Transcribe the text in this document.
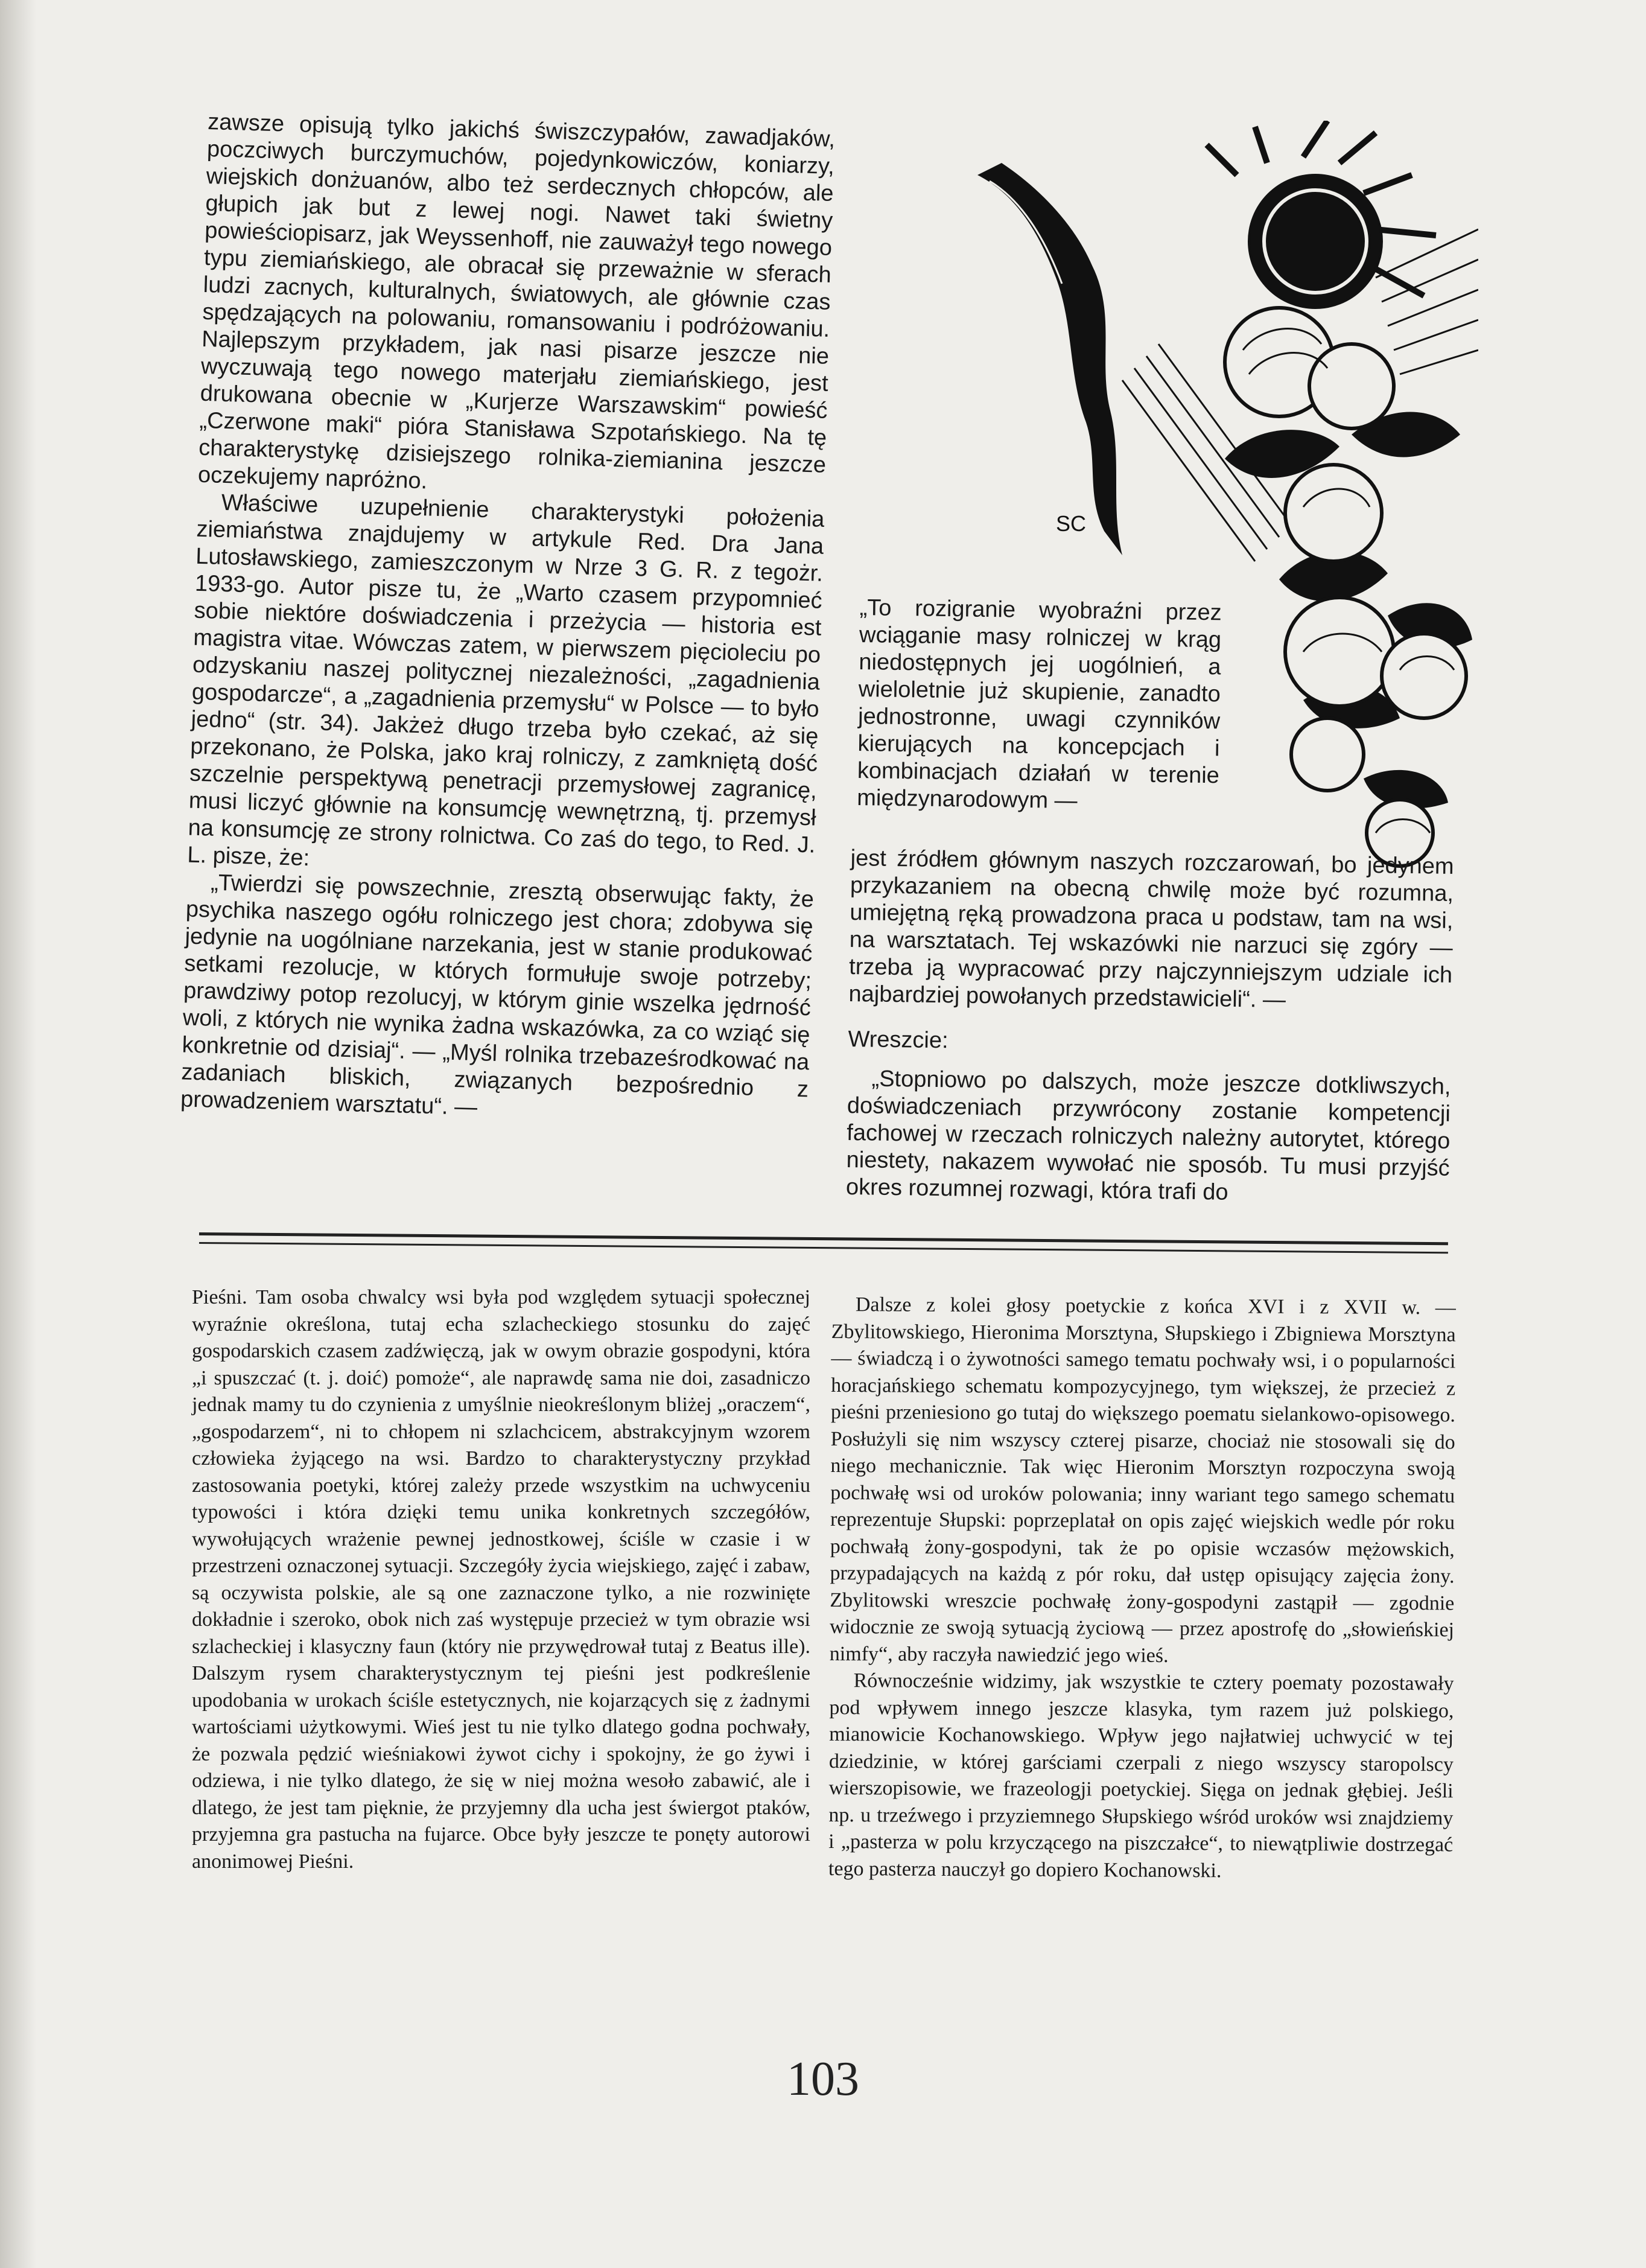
zawsze opisują tylko jakichś świszczypałów, zawadjaków, poczciwych burczymuchów, pojedynkowiczów, koniarzy, wiejskich donżuanów, albo też serdecznych chłopców, ale głupich jak but z lewej nogi. Nawet taki świetny powieściopisarz, jak Weyssenhoff, nie zauważył tego nowego typu ziemiańskiego, ale obracał się przeważnie w sferach ludzi zacnych, kulturalnych, światowych, ale głównie czas spędzających na polowaniu, romansowaniu i podróżowaniu. Najlepszym przykładem, jak nasi pisarze jeszcze nie wyczuwają tego nowego materjału ziemiańskiego, jest drukowana obecnie w „Kurjerze Warszawskim“ powieść „Czerwone maki“ pióra Stanisława Szpotańskiego. Na tę charakterystykę dzisiejszego rolnika-ziemianina jeszcze oczekujemy napróżno.

Właściwe uzupełnienie charakterystyki położenia ziemiaństwa znajdujemy w artykule Red. Dra Jana Lutosławskiego, zamieszczonym w Nrze 3 G. R. z tegożr. 1933-go. Autor pisze tu, że „Warto czasem przypomnieć sobie niektóre doświadczenia i przeżycia — historia est magistra vitae. Wówczas zatem, w pierwszem pięcioleciu po odzyskaniu naszej politycznej niezależności, „zagadnienia gospodarcze“, a „zagadnienia przemysłu“ w Polsce — to było jedno“ (str. 34). Jakżeż długo trzeba było czekać, aż się przekonano, że Polska, jako kraj rolniczy, z zamkniętą dość szczelnie perspektywą penetracji przemysłowej zagranicę, musi liczyć głównie na konsumcję wewnętrzną, tj. przemysł na konsumcję ze strony rolnictwa. Co zaś do tego, to Red. J. L. pisze, że:

„Twierdzi się powszechnie, zresztą obserwując fakty, że psychika naszego ogółu rolniczego jest chora; zdobywa się jedynie na uogólniane narzekania, jest w stanie produkować setkami rezolucje, w których formułuje swoje potrzeby; prawdziwy potop rezolucyj, w którym ginie wszelka jędrność woli, z których nie wynika żadna wskazówka, za co wziąć się konkretnie od dzisiaj“. — „Myśl rolnika trzebaześrodkować na zadaniach bliskich, związanych bezpośrednio z prowadzeniem warsztatu“. —

SC

„To rozigranie wyobraźni przez wciąganie masy rolniczej w krąg niedostępnych jej uogólnień, a wieloletnie już skupienie, zanadto jednostronne, uwagi czynników kierujących na koncepcjach i kombinacjach działań w terenie międzynarodowym —

jest źródłem głównym naszych rozczarowań, bo jedynem przykazaniem na obecną chwilę może być rozumna, umiejętną ręką prowadzona praca u podstaw, tam na wsi, na warsztatach. Tej wskazówki nie narzuci się zgóry — trzeba ją wypracować przy najczynniejszym udziale ich najbardziej powołanych przedstawicieli“. —

Wreszcie:

„Stopniowo po dalszych, może jeszcze dotkliwszych, doświadczeniach przywrócony zostanie kompetencji fachowej w rzeczach rolniczych należny autorytet, którego niestety, nakazem wywołać nie sposób. Tu musi przyjść okres rozumnej rozwagi, która trafi do

Pieśni. Tam osoba chwalcy wsi była pod względem sytuacji społecznej wyraźnie określona, tutaj echa szlacheckiego stosunku do zajęć gospodarskich czasem zadźwięczą, jak w owym obrazie gospodyni, która „i spuszczać (t. j. doić) pomoże“, ale naprawdę sama nie doi, zasadniczo jednak mamy tu do czynienia z umyślnie nieokreślonym bliżej „oraczem“, „gospodarzem“, ni to chłopem ni szlachcicem, abstrakcyjnym wzorem człowieka żyjącego na wsi. Bardzo to charakterystyczny przykład zastosowania poetyki, której zależy przede wszystkim na uchwyceniu typowości i która dzięki temu unika konkretnych szczegółów, wywołujących wrażenie pewnej jednostkowej, ściśle w czasie i w przestrzeni oznaczonej sytuacji. Szczegóły życia wiejskiego, zajęć i zabaw, są oczywista polskie, ale są one zaznaczone tylko, a nie rozwinięte dokładnie i szeroko, obok nich zaś występuje przecież w tym obrazie wsi szlacheckiej i klasyczny faun (który nie przywędrował tutaj z Beatus ille). Dalszym rysem charakterystycznym tej pieśni jest podkreślenie upodobania w urokach ściśle estetycznych, nie kojarzących się z żadnymi wartościami użytkowymi. Wieś jest tu nie tylko dlatego godna pochwały, że pozwala pędzić wieśniakowi żywot cichy i spokojny, że go żywi i odziewa, i nie tylko dlatego, że się w niej można wesoło zabawić, ale i dlatego, że jest tam pięknie, że przyjemny dla ucha jest świergot ptaków, przyjemna gra pastucha na fujarce. Obce były jeszcze te ponęty autorowi anonimowej Pieśni.

Dalsze z kolei głosy poetyckie z końca XVI i z XVII w. — Zbylitowskiego, Hieronima Morsztyna, Słupskiego i Zbigniewa Morsztyna — świadczą i o żywotności samego tematu pochwały wsi, i o popularności horacjańskiego schematu kompozycyjnego, tym większej, że przecież z pieśni przeniesiono go tutaj do większego poematu sielankowo-opisowego. Posłużyli się nim wszyscy czterej pisarze, chociaż nie stosowali się do niego mechanicznie. Tak więc Hieronim Morsztyn rozpoczyna swoją pochwałę wsi od uroków polowania; inny wariant tego samego schematu reprezentuje Słupski: poprzeplatał on opis zajęć wiejskich wedle pór roku pochwałą żony-gospodyni, tak że po opisie wczasów mężowskich, przypadających na każdą z pór roku, dał ustęp opisujący zajęcia żony. Zbylitowski wreszcie pochwałę żony-gospodyni zastąpił — zgodnie widocznie ze swoją sytuacją życiową — przez apostrofę do „słowieńskiej nimfy“, aby raczyła nawiedzić jego wieś.

Równocześnie widzimy, jak wszystkie te cztery poematy pozostawały pod wpływem innego jeszcze klasyka, tym razem już polskiego, mianowicie Kochanowskiego. Wpływ jego najłatwiej uchwycić w tej dziedzinie, w której garściami czerpali z niego wszyscy staropolscy wierszopisowie, we frazeologji poetyckiej. Sięga on jednak głębiej. Jeśli np. u trzeźwego i przyziemnego Słupskiego wśród uroków wsi znajdziemy i „pasterza w polu krzyczącego na piszczałce“, to niewątpliwie dostrzegać tego pasterza nauczył go dopiero Kochanowski.

103
